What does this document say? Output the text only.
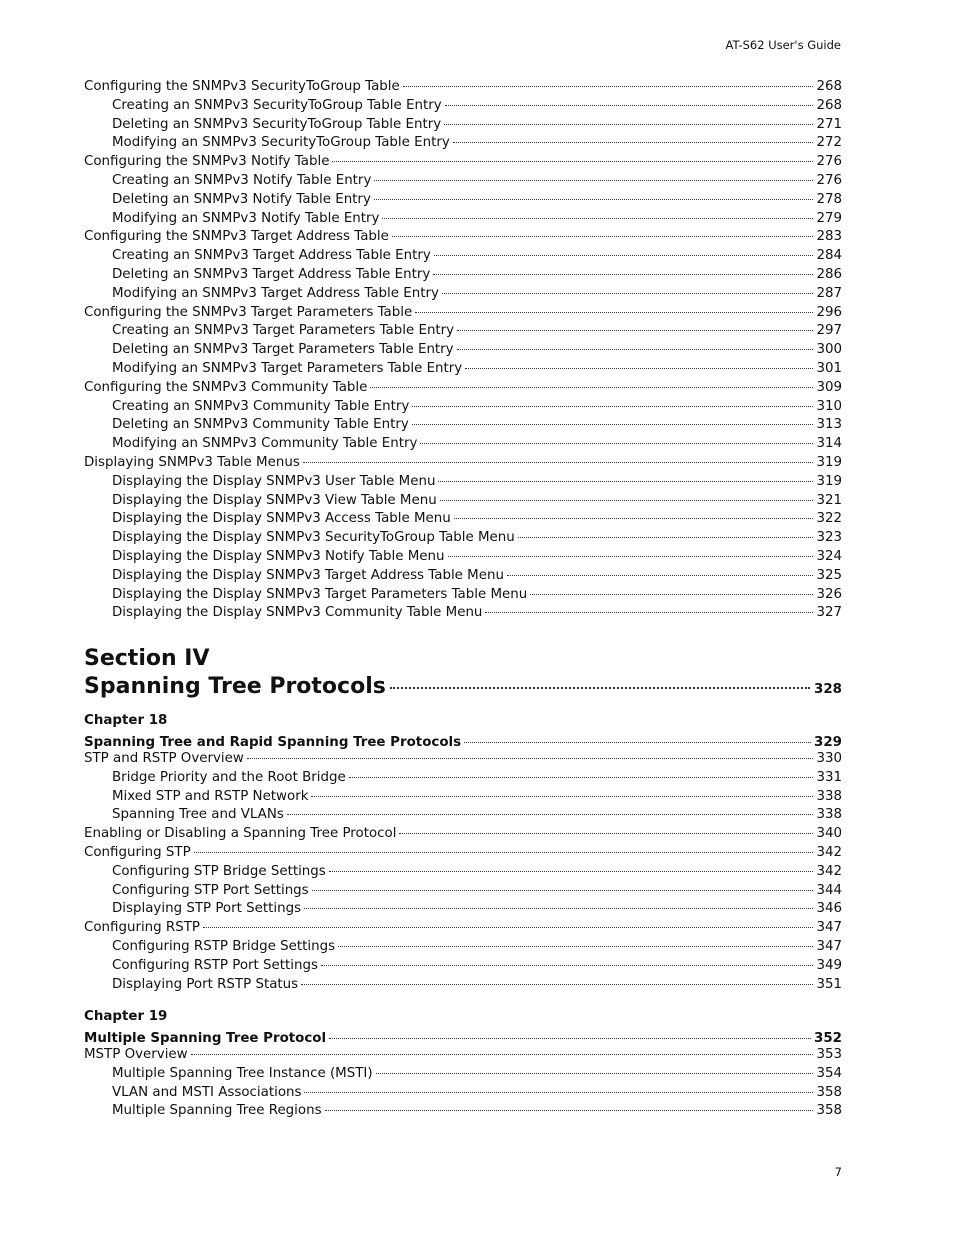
AT-S62 User's Guide
Configuring the SNMPv3 SecurityToGroup Table	268
Creating an SNMPv3 SecurityToGroup Table Entry	268
Deleting an SNMPv3 SecurityToGroup Table Entry	271
Modifying an SNMPv3 SecurityToGroup Table Entry	272
Configuring the SNMPv3 Notify Table	276
Creating an SNMPv3 Notify Table Entry	276
Deleting an SNMPv3 Notify Table Entry	278
Modifying an SNMPv3 Notify Table Entry	279
Configuring the SNMPv3 Target Address Table	283
Creating an SNMPv3 Target Address Table Entry	284
Deleting an SNMPv3 Target Address Table Entry	286
Modifying an SNMPv3 Target Address Table Entry	287
Configuring the SNMPv3 Target Parameters Table	296
Creating an SNMPv3 Target Parameters Table Entry	297
Deleting an SNMPv3 Target Parameters Table Entry	300
Modifying an SNMPv3 Target Parameters Table Entry	301
Configuring the SNMPv3 Community Table	309
Creating an SNMPv3 Community Table Entry	310
Deleting an SNMPv3 Community Table Entry	313
Modifying an SNMPv3 Community Table Entry	314
Displaying SNMPv3 Table Menus	319
Displaying the Display SNMPv3 User Table Menu	319
Displaying the Display SNMPv3 View Table Menu	321
Displaying the Display SNMPv3 Access Table Menu	322
Displaying the Display SNMPv3 SecurityToGroup Table Menu	323
Displaying the Display SNMPv3 Notify Table Menu	324
Displaying the Display SNMPv3 Target Address Table Menu	325
Displaying the Display SNMPv3 Target Parameters Table Menu	326
Displaying the Display SNMPv3 Community Table Menu	327
Section IV
Spanning Tree Protocols	328
Chapter 18
Spanning Tree and Rapid Spanning Tree Protocols	329
STP and RSTP Overview	330
Bridge Priority and the Root Bridge	331
Mixed STP and RSTP Network	338
Spanning Tree and VLANs	338
Enabling or Disabling a Spanning Tree Protocol	340
Configuring STP	342
Configuring STP Bridge Settings	342
Configuring STP Port Settings	344
Displaying STP Port Settings	346
Configuring RSTP	347
Configuring RSTP Bridge Settings	347
Configuring RSTP Port Settings	349
Displaying Port RSTP Status	351
Chapter 19
Multiple Spanning Tree Protocol	352
MSTP Overview	353
Multiple Spanning Tree Instance (MSTI)	354
VLAN and MSTI Associations	358
Multiple Spanning Tree Regions	358
7
